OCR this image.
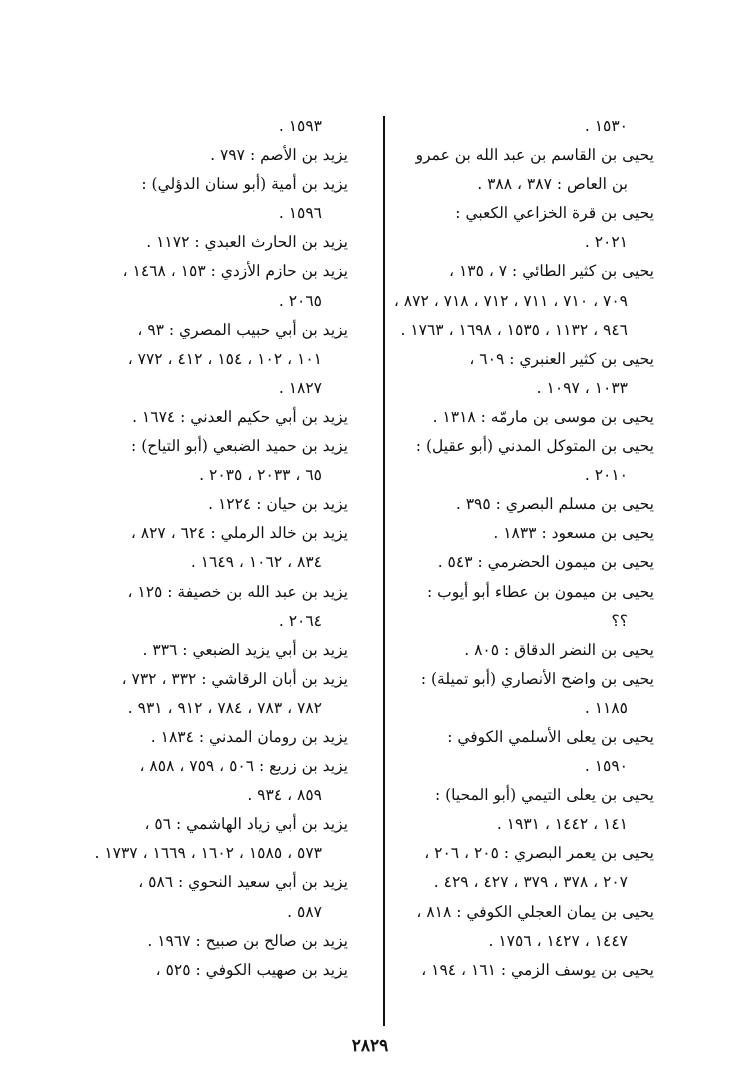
١٥٣٠ .
يحيى بن القاسم بن عبد الله بن عمرو
بن العاص : ٣٨٧ ، ٣٨٨ .
يحيى بن قرة الخزاعي الكعبي :
٢٠٢١ .
يحيى بن كثير الطائي : ٧ ، ١٣٥ ،
٧٠٩ ، ٧١٠ ، ٧١١ ، ٧١٢ ، ٧١٨ ، ٨٧٢ ،
٩٤٦ ، ١١٣٢ ، ١٥٣٥ ، ١٦٩٨ ، ١٧٦٣ .
يحيى بن كثير العنبري : ٦٠٩ ،
١٠٣٣ ، ١٠٩٧ .
يحيى بن موسى بن مارمّه : ١٣١٨ .
يحيى بن المتوكل المدني (أبو عقيل) :
٢٠١٠ .
يحيى بن مسلم البصري : ٣٩٥ .
يحيى بن مسعود : ١٨٣٣ .
يحيى بن ميمون الحضرمي : ٥٤٣ .
يحيى بن ميمون بن عطاء أبو أيوب :
؟؟
يحيى بن النضر الدقاق : ٨٠٥ .
يحيى بن واضح الأنصاري (أبو تميلة) :
١١٨٥ .
يحيى بن يعلى الأسلمي الكوفي :
١٥٩٠ .
يحيى بن يعلى التيمي (أبو المحيا) :
١٤١ ، ١٤٤٢ ، ١٩٣١ .
يحيى بن يعمر البصري : ٢٠٥ ، ٢٠٦ ،
٢٠٧ ، ٣٧٨ ، ٣٧٩ ، ٤٢٧ ، ٤٢٩ .
يحيى بن يمان العجلي الكوفي : ٨١٨ ،
١٤٤٧ ، ١٤٢٧ ، ١٧٥٦ .
يحيى بن يوسف الزمي : ١٦١ ، ١٩٤ ،
١٥٩٣ .
يزيد بن الأصم : ٧٩٧ .
يزيد بن أمية (أبو سنان الدؤلي) :
١٥٩٦ .
يزيد بن الحارث العبدي : ١١٧٢ .
يزيد بن حازم الأزدي : ١٥٣ ، ١٤٦٨ ،
٢٠٦٥ .
يزيد بن أبي حبيب المصري : ٩٣ ،
١٠١ ، ١٠٢ ، ١٥٤ ، ٤١٢ ، ٧٧٢ ،
١٨٢٧ .
يزيد بن أبي حكيم العدني : ١٦٧٤ .
يزيد بن حميد الضبعي (أبو التياح) :
٦٥ ، ٢٠٣٣ ، ٢٠٣٥ .
يزيد بن حيان : ١٢٢٤ .
يزيد بن خالد الرملي : ٦٢٤ ، ٨٢٧ ،
٨٣٤ ، ١٠٦٢ ، ١٦٤٩ .
يزيد بن عبد الله بن خصيفة : ١٢٥ ،
٢٠٦٤ .
يزيد بن أبي يزيد الضبعي : ٣٣٦ .
يزيد بن أبان الرقاشي : ٣٣٢ ، ٧٣٢ ،
٧٨٢ ، ٧٨٣ ، ٧٨٤ ، ٩١٢ ، ٩٣١ .
يزيد بن رومان المدني : ١٨٣٤ .
يزيد بن زريع : ٥٠٦ ، ٧٥٩ ، ٨٥٨ ،
٨٥٩ ، ٩٣٤ .
يزيد بن أبي زياد الهاشمي : ٥٦ ،
٥٧٣ ، ١٥٨٥ ، ١٦٠٢ ، ١٦٦٩ ، ١٧٣٧ .
يزيد بن أبي سعيد النحوي : ٥٨٦ ،
٥٨٧ .
يزيد بن صالح بن صبيح : ١٩٦٧ .
يزيد بن صهيب الكوفي : ٥٢٥ ،
٢٨٢٩
